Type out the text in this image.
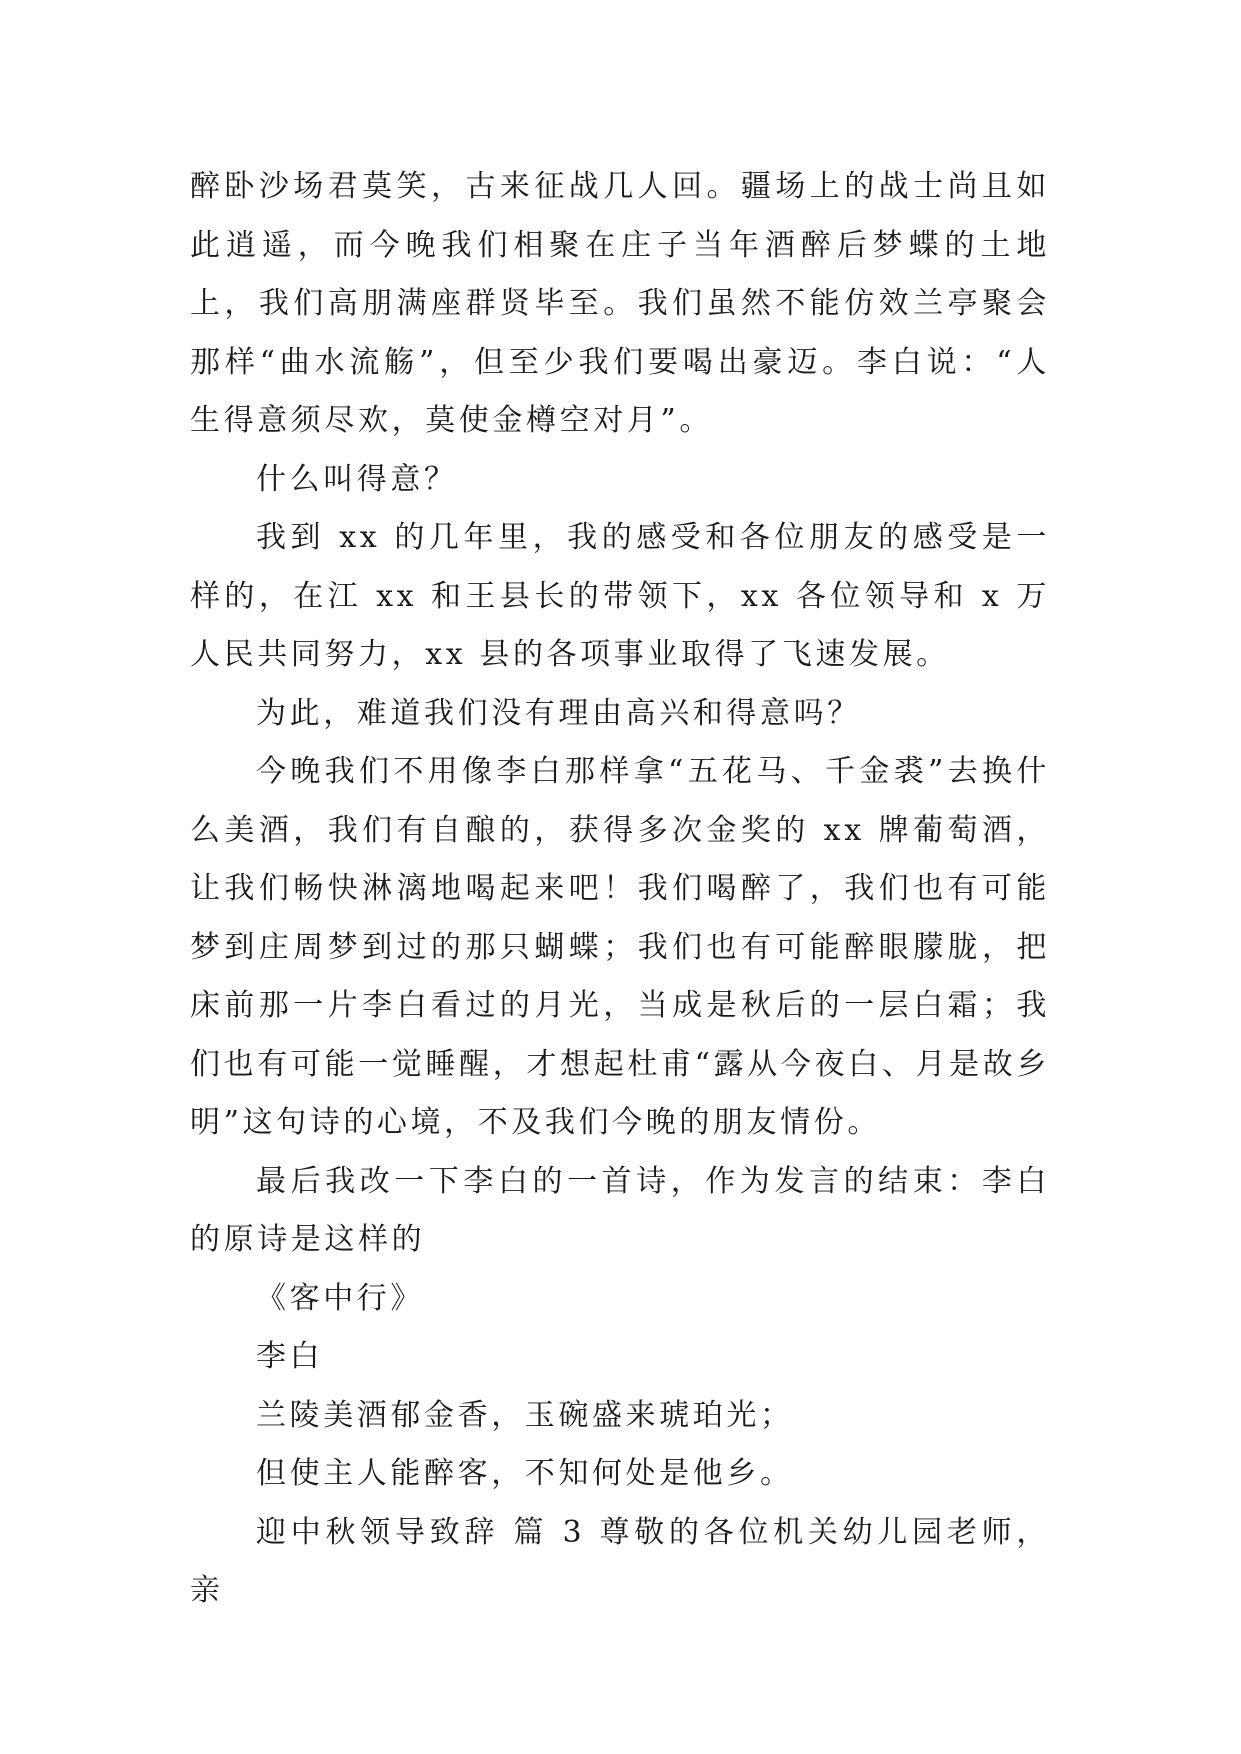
醉卧沙场君莫笑，古来征战几人回。疆场上的战士尚且如此逍遥，而今晚我们相聚在庄子当年酒醉后梦蝶的土地上，我们高朋满座群贤毕至。我们虽然不能仿效兰亭聚会那样“曲水流觞”，但至少我们要喝出豪迈。李白说：“人生得意须尽欢，莫使金樽空对月”。

什么叫得意？

我到 xx 的几年里，我的感受和各位朋友的感受是一样的，在江 xx 和王县长的带领下，xx 各位领导和 x 万人民共同努力，xx 县的各项事业取得了飞速发展。

为此，难道我们没有理由高兴和得意吗？

今晚我们不用像李白那样拿“五花马、千金裘”去换什么美酒，我们有自酿的，获得多次金奖的 xx 牌葡萄酒，让我们畅快淋漓地喝起来吧！我们喝醉了，我们也有可能梦到庄周梦到过的那只蝴蝶；我们也有可能醉眼朦胧，把床前那一片李白看过的月光，当成是秋后的一层白霜；我们也有可能一觉睡醒，才想起杜甫“露从今夜白、月是故乡明”这句诗的心境，不及我们今晚的朋友情份。

最后我改一下李白的一首诗，作为发言的结束：李白的原诗是这样的

《客中行》

李白

兰陵美酒郁金香，玉碗盛来琥珀光；

但使主人能醉客，不知何处是他乡。

迎中秋领导致辞 篇 3 尊敬的各位机关幼儿园老师，亲
